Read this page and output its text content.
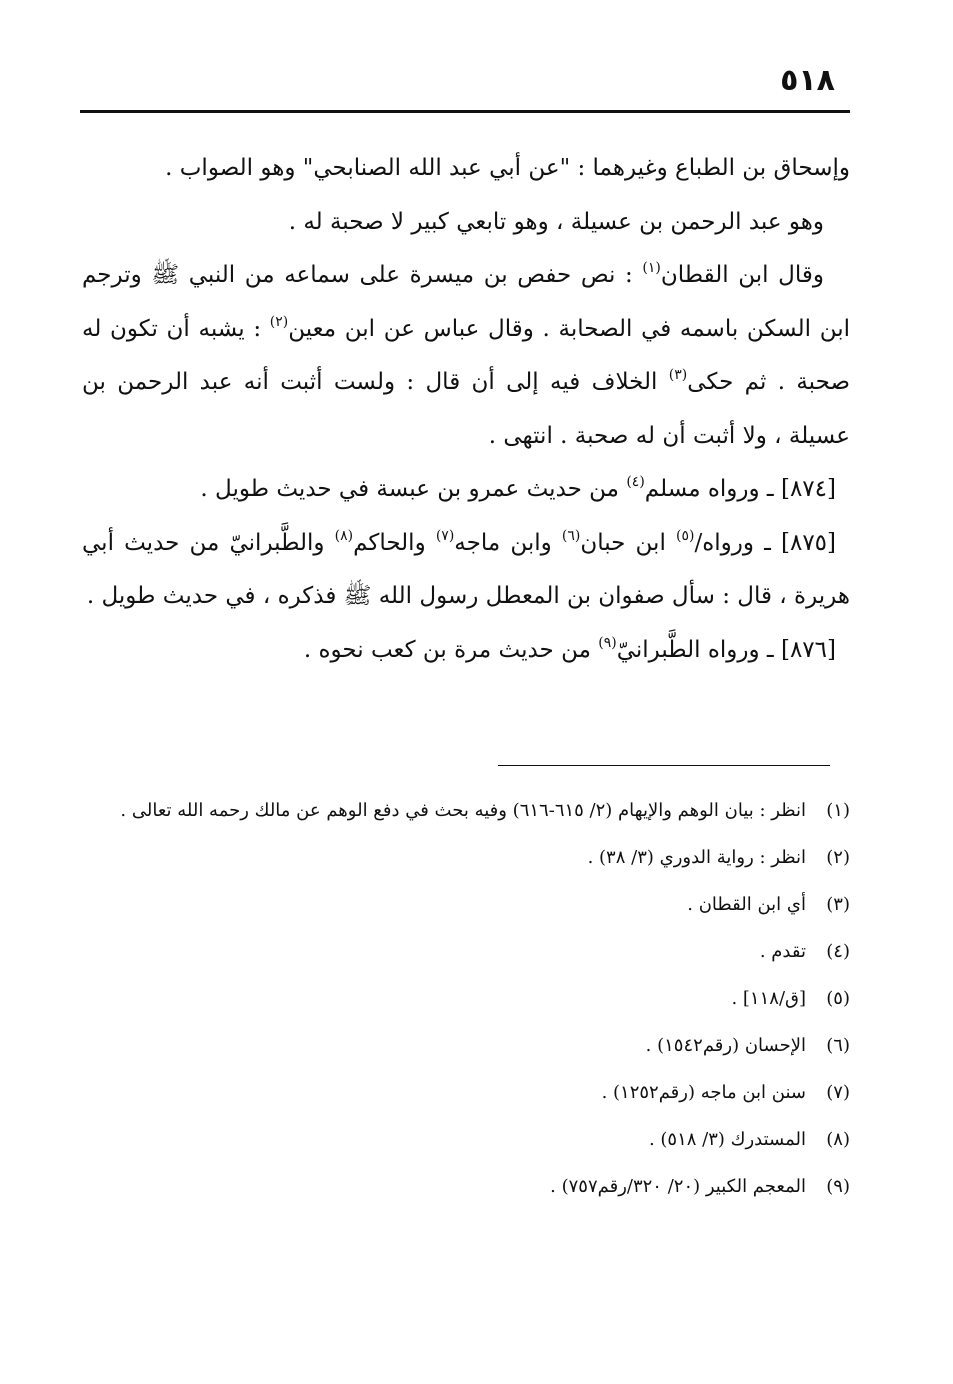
٥١٨

وإسحاق بن الطباع وغيرهما : "عن أبي عبد الله الصنابحي" وهو الصواب .

وهو عبد الرحمن بن عسيلة ، وهو تابعي كبير لا صحبة له .

وقال ابن القطان$^{(١)}$ : نص حفص بن ميسرة على سماعه من النبي ﷺ وترجم ابن السكن باسمه في الصحابة . وقال عباس عن ابن معين$^{(٢)}$ : يشبه أن تكون له صحبة . ثم حكى$^{(٣)}$ الخلاف فيه إلى أن قال : ولست أثبت أنه عبد الرحمن بن عسيلة ، ولا أثبت أن له صحبة . انتهى .

[٨٧٤] ـ ورواه مسلم$^{(٤)}$ من حديث عمرو بن عبسة في حديث طويل .

[٨٧٥] ـ ورواه/$^{(٥)}$ ابن حبان$^{(٦)}$ وابن ماجه$^{(٧)}$ والحاكم$^{(٨)}$ والطَّبرانيّ من حديث أبي هريرة ، قال : سأل صفوان بن المعطل رسول الله ﷺ فذكره ، في حديث طويل .

[٨٧٦] ـ ورواه الطَّبرانيّ$^{(٩)}$ من حديث مرة بن كعب نحوه .

(١)
انظر : بيان الوهم والإيهام (٢/ ٦١٥-٦١٦) وفيه بحث في دفع الوهم عن مالك رحمه الله تعالى .
(٢)
انظر : رواية الدوري (٣/ ٣٨) .
(٣)
أي ابن القطان .
(٤)
تقدم .
(٥)
[ق/١١٨] .
(٦)
الإحسان (رقم١٥٤٢) .
(٧)
سنن ابن ماجه (رقم١٢٥٢) .
(٨)
المستدرك (٣/ ٥١٨) .
(٩)
المعجم الكبير (٢٠/ ٣٢٠/رقم٧٥٧) .
